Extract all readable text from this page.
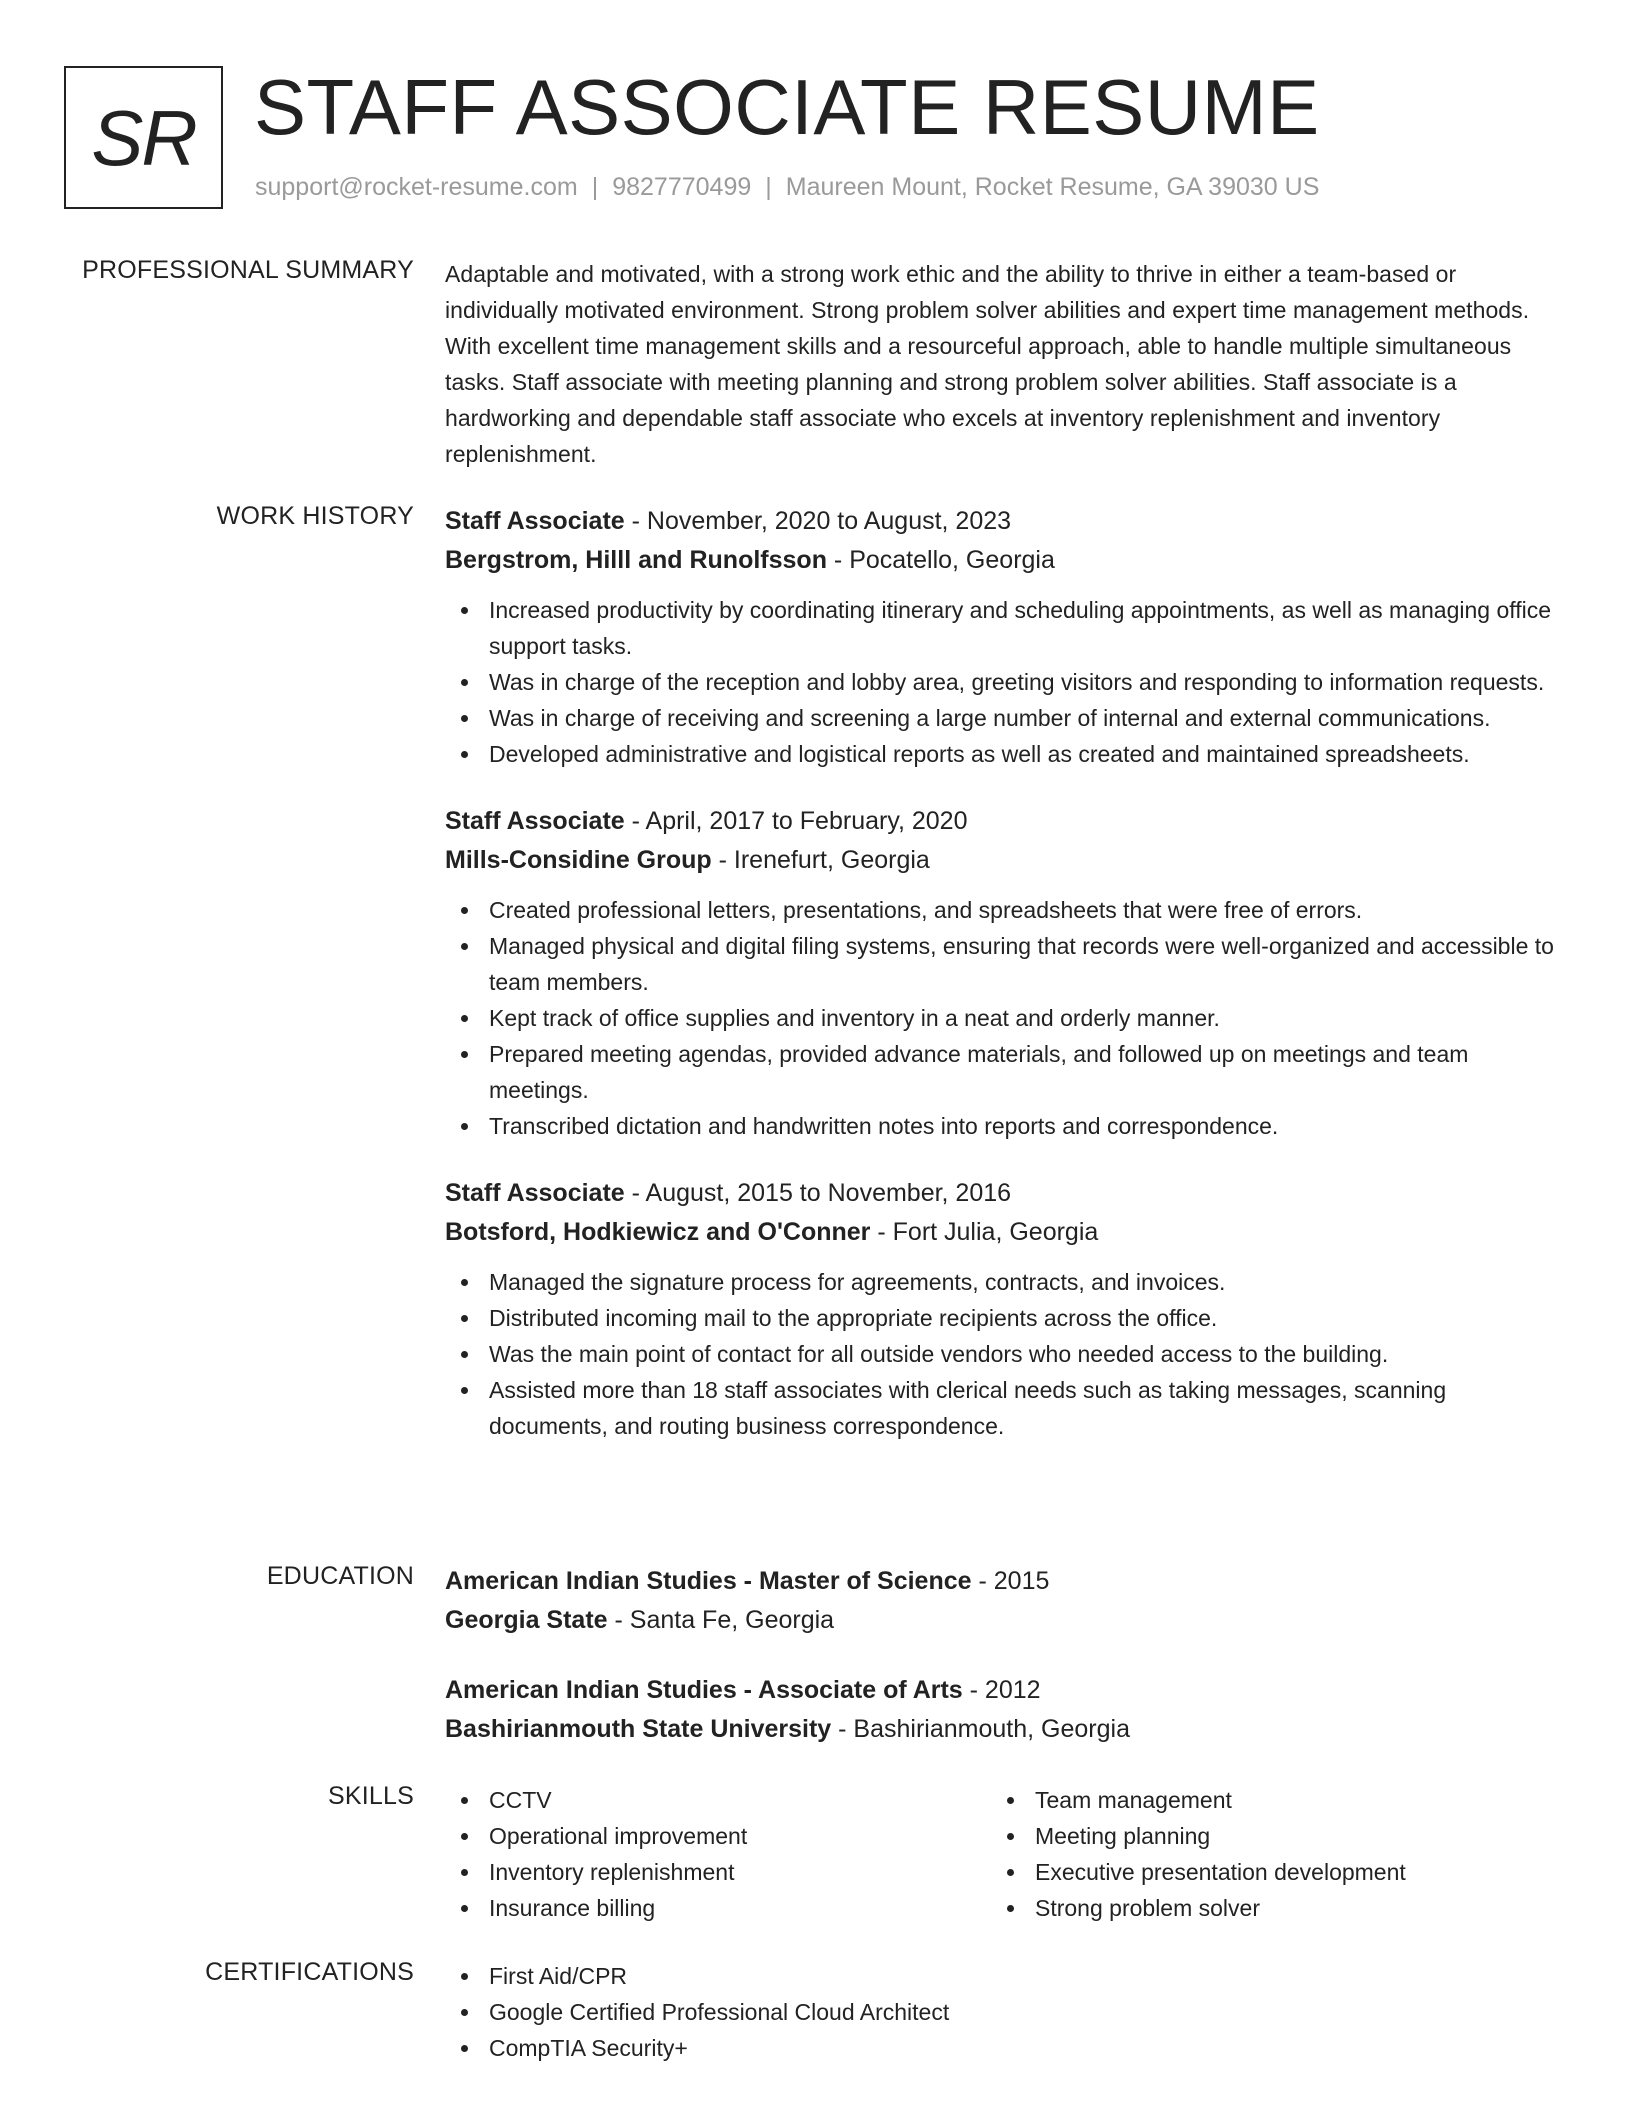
SR STAFF ASSOCIATE RESUME
support@rocket-resume.com | 9827770499 | Maureen Mount, Rocket Resume, GA 39030 US
PROFESSIONAL SUMMARY Adaptable and motivated, with a strong work ethic and the ability to thrive in either a team-based or individually motivated environment. Strong problem solver abilities and expert time management methods. With excellent time management skills and a resourceful approach, able to handle multiple simultaneous tasks. Staff associate with meeting planning and strong problem solver abilities. Staff associate is a hardworking and dependable staff associate who excels at inventory replenishment and inventory replenishment.
WORK HISTORY Staff Associate - November, 2020 to August, 2023
Bergstrom, Hilll and Runolfsson - Pocatello, Georgia
Increased productivity by coordinating itinerary and scheduling appointments, as well as managing office support tasks.
Was in charge of the reception and lobby area, greeting visitors and responding to information requests.
Was in charge of receiving and screening a large number of internal and external communications.
Developed administrative and logistical reports as well as created and maintained spreadsheets.
Staff Associate - April, 2017 to February, 2020
Mills-Considine Group - Irenefurt, Georgia
Created professional letters, presentations, and spreadsheets that were free of errors.
Managed physical and digital filing systems, ensuring that records were well-organized and accessible to team members.
Kept track of office supplies and inventory in a neat and orderly manner.
Prepared meeting agendas, provided advance materials, and followed up on meetings and team meetings.
Transcribed dictation and handwritten notes into reports and correspondence.
Staff Associate - August, 2015 to November, 2016
Botsford, Hodkiewicz and O'Conner - Fort Julia, Georgia
Managed the signature process for agreements, contracts, and invoices.
Distributed incoming mail to the appropriate recipients across the office.
Was the main point of contact for all outside vendors who needed access to the building.
Assisted more than 18 staff associates with clerical needs such as taking messages, scanning documents, and routing business correspondence.
EDUCATION American Indian Studies - Master of Science - 2015
Georgia State - Santa Fe, Georgia
American Indian Studies - Associate of Arts - 2012
Bashirianmouth State University - Bashirianmouth, Georgia
SKILLS	CCTV
Operational improvement
Inventory replenishment
Insurance billing
Team management
Meeting planning
Executive presentation development
Strong problem solver
CERTIFICATIONS	First Aid/CPR
Google Certified Professional Cloud Architect
CompTIA Security+
